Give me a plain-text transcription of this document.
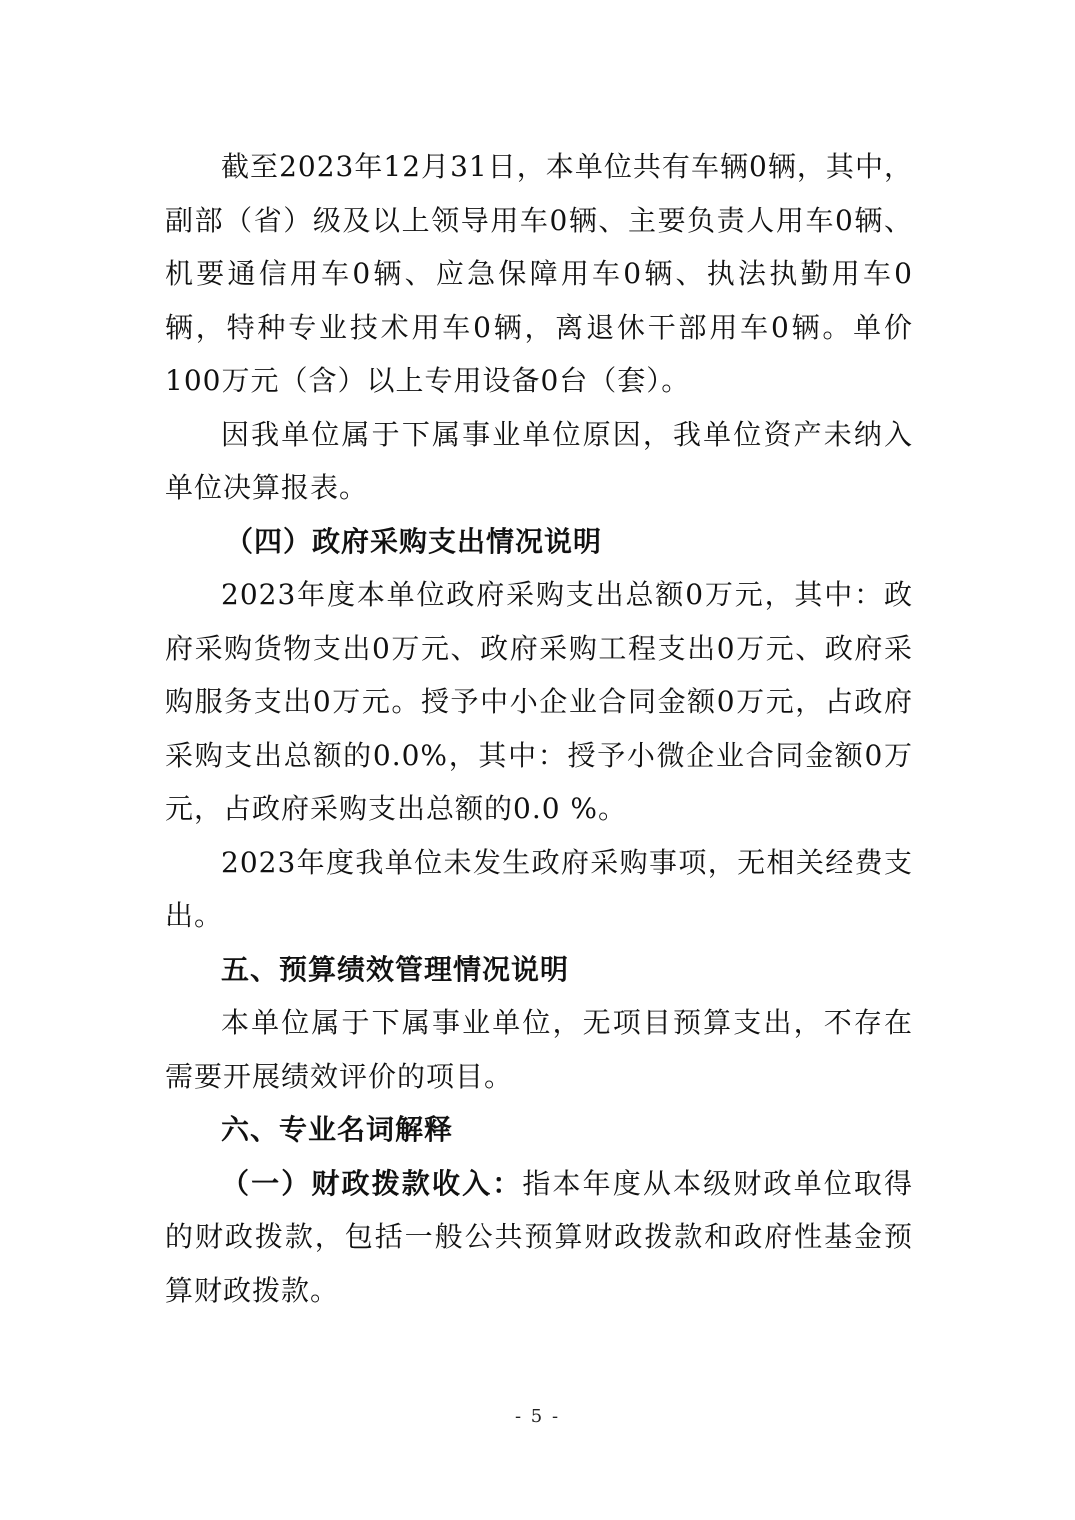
截至2023年12月31日，本单位共有车辆0辆，其中，副部（省）级及以上领导用车0辆、主要负责人用车0辆、机要通信用车0辆、应急保障用车0辆、执法执勤用车0辆，特种专业技术用车0辆，离退休干部用车0辆。单价100万元（含）以上专用设备0台（套）。

因我单位属于下属事业单位原因，我单位资产未纳入单位决算报表。

（四）政府采购支出情况说明

2023年度本单位政府采购支出总额0万元，其中：政府采购货物支出0万元、政府采购工程支出0万元、政府采购服务支出0万元。授予中小企业合同金额0万元，占政府采购支出总额的0.0%，其中：授予小微企业合同金额0万元，占政府采购支出总额的0.0 %。

2023年度我单位未发生政府采购事项，无相关经费支出。

五、预算绩效管理情况说明

本单位属于下属事业单位，无项目预算支出，不存在需要开展绩效评价的项目。

六、专业名词解释

（一）财政拨款收入：指本年度从本级财政单位取得的财政拨款，包括一般公共预算财政拨款和政府性基金预算财政拨款。

- 5 -
